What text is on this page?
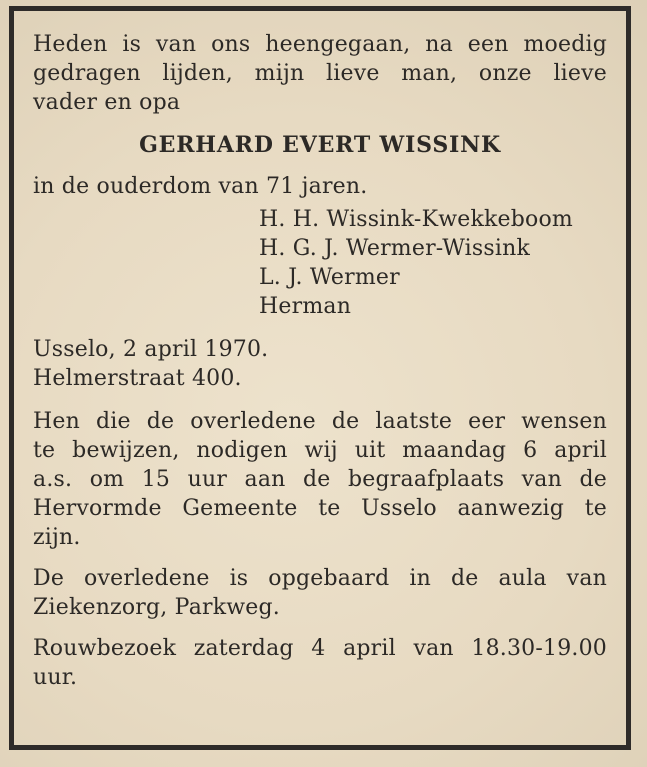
Heden is van ons heengegaan, na een moedig
gedragen lijden, mijn lieve man, onze lieve
vader en opa
GERHARD EVERT WISSINK
in de ouderdom van 71 jaren.
H. H. Wissink-Kwekkeboom
H. G. J. Wermer-Wissink
L. J. Wermer
Herman
Usselo, 2 april 1970.
Helmerstraat 400.
Hen die de overledene de laatste eer wensen
te bewijzen, nodigen wij uit maandag 6 april
a.s. om 15 uur aan de begraafplaats van de
Hervormde Gemeente te Usselo aanwezig te
zijn.
De overledene is opgebaard in de aula van
Ziekenzorg, Parkweg.
Rouwbezoek zaterdag 4 april van 18.30-19.00
uur.
